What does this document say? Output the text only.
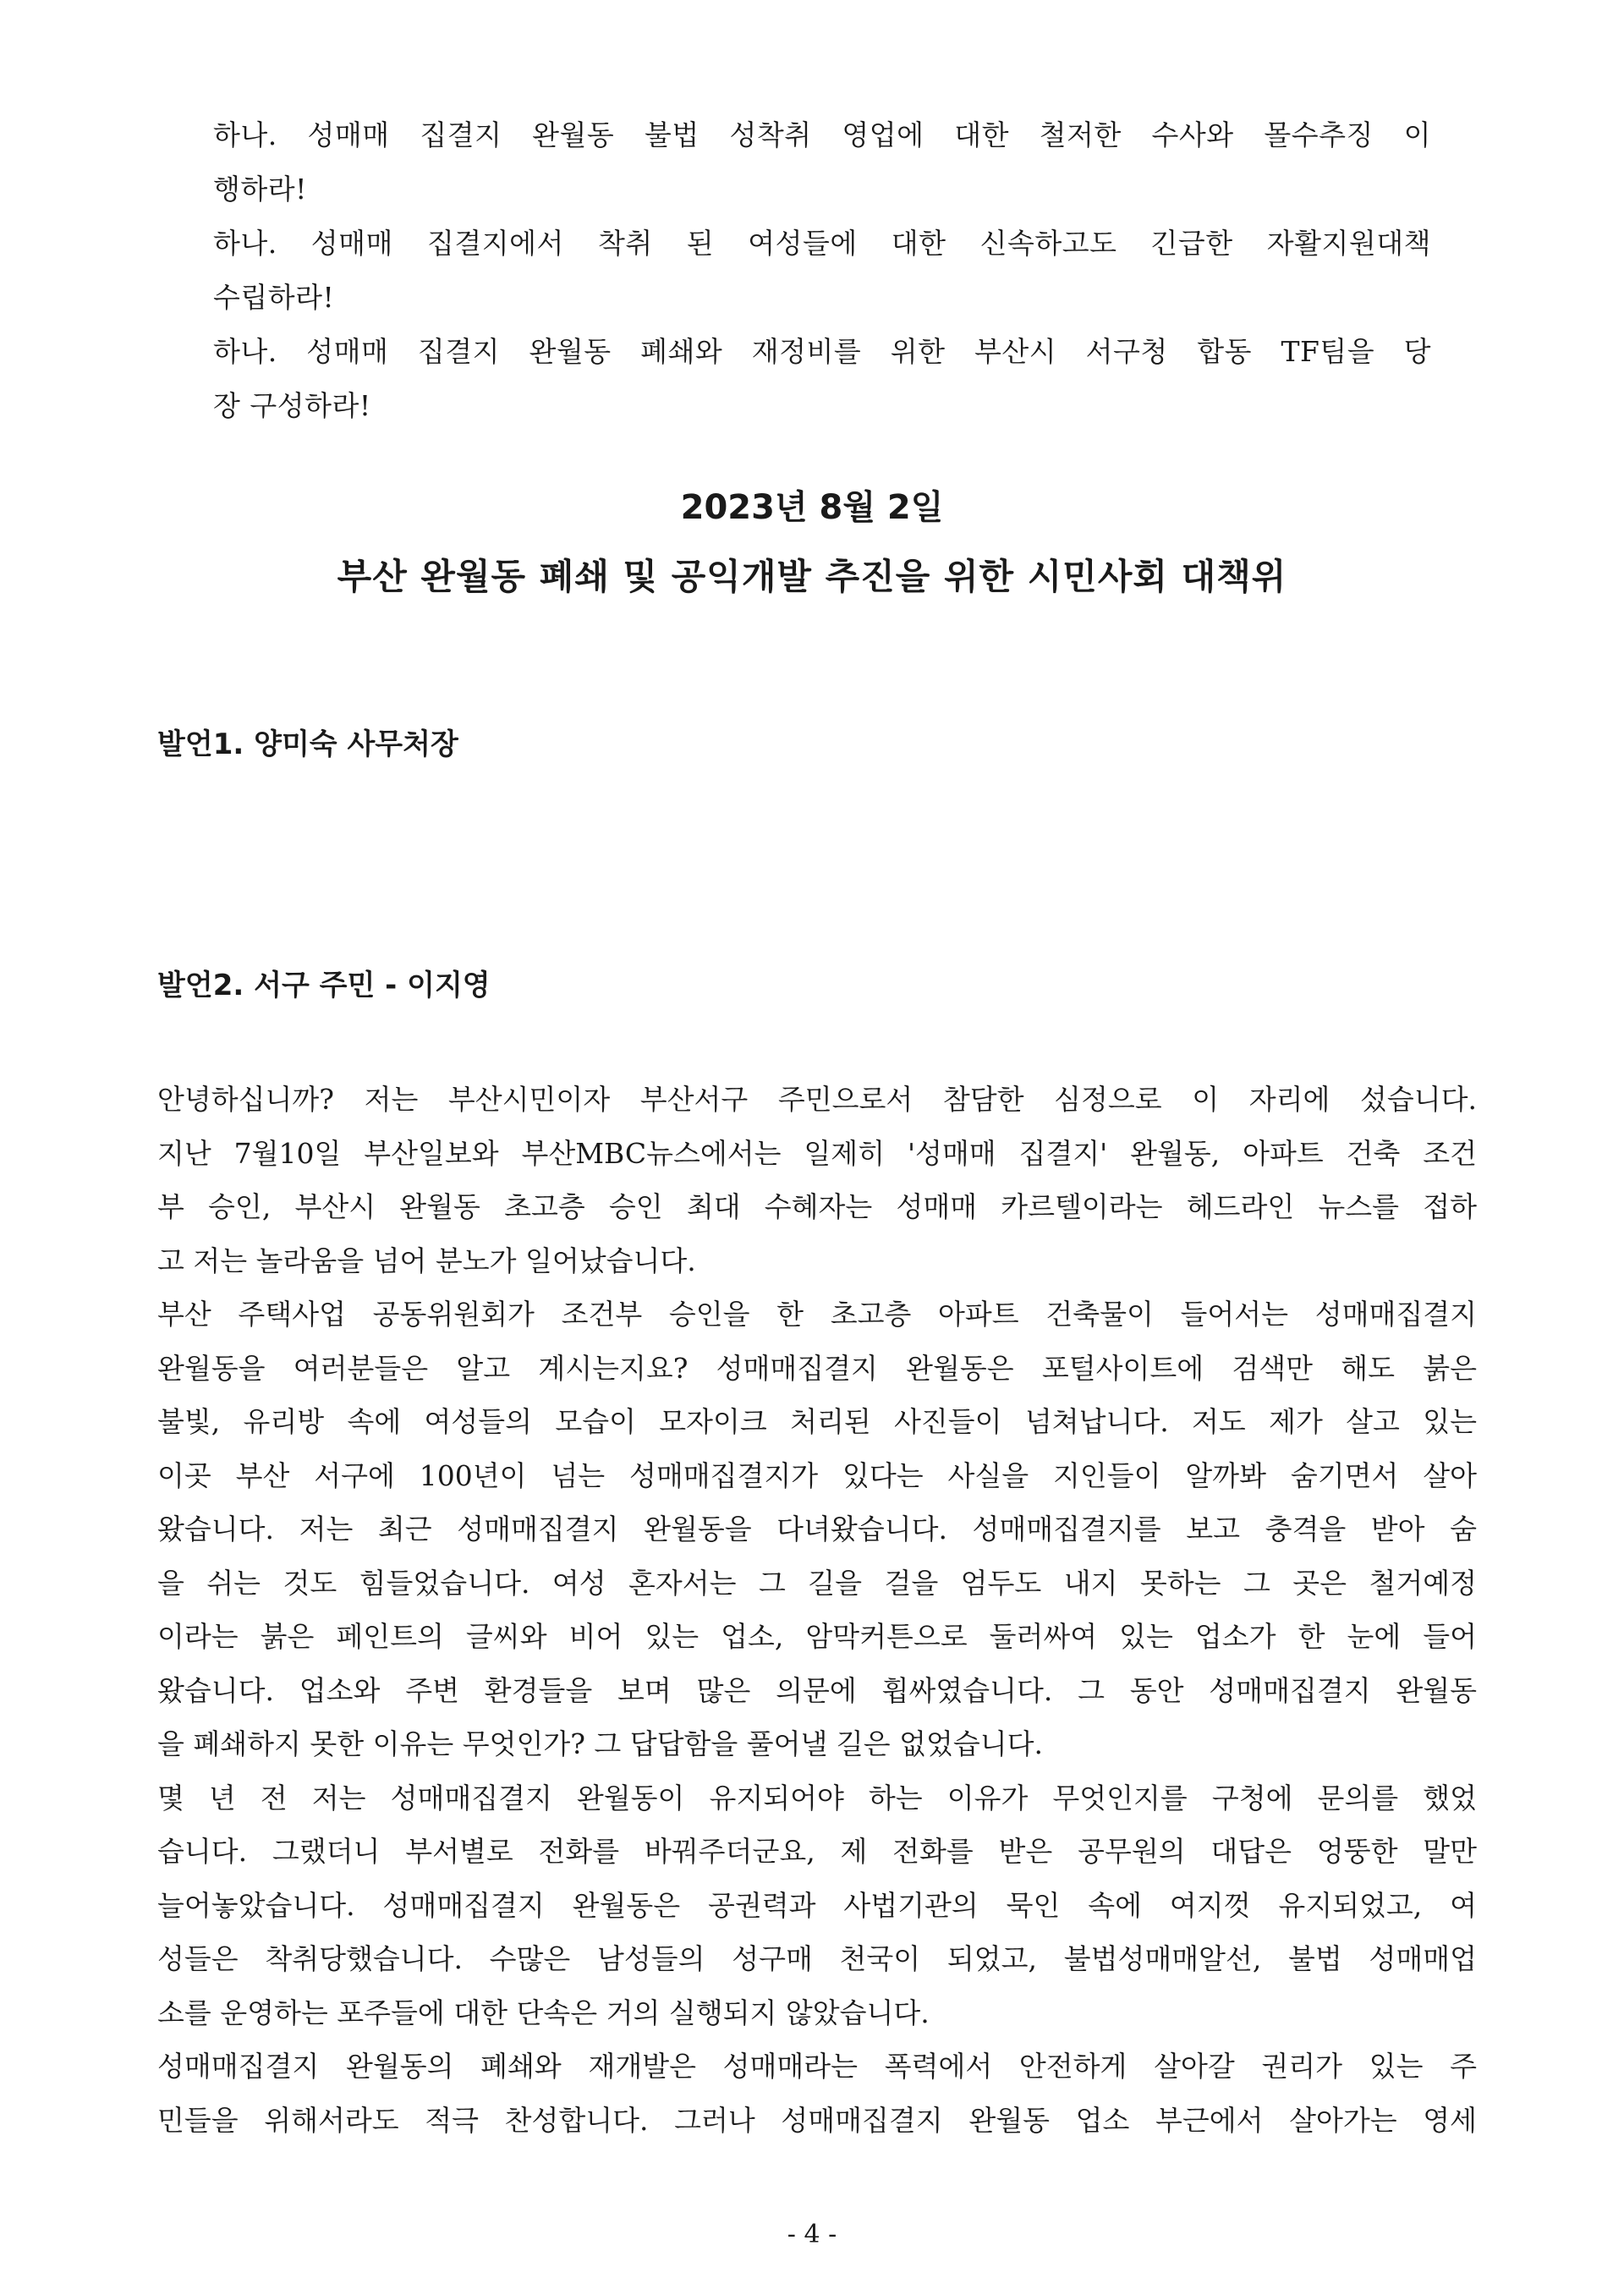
하나. 성매매 집결지 완월동 불법 성착취 영업에 대한 철저한 수사와 몰수추징 이
행하라!
하나. 성매매 집결지에서 착취 된 여성들에 대한 신속하고도 긴급한 자활지원대책
수립하라!
하나. 성매매 집결지 완월동 폐쇄와 재정비를 위한 부산시 서구청 합동 TF팀을 당
장 구성하라!
2023년 8월 2일
부산 완월동 폐쇄 및 공익개발 추진을 위한 시민사회 대책위
발언1. 양미숙 사무처장
발언2. 서구 주민 - 이지영
안녕하십니까? 저는 부산시민이자 부산서구 주민으로서 참담한 심정으로 이 자리에 섰습니다.
지난 7월10일 부산일보와 부산MBC뉴스에서는 일제히 '성매매 집결지' 완월동, 아파트 건축 조건
부 승인, 부산시 완월동 초고층 승인 최대 수혜자는 성매매 카르텔이라는 헤드라인 뉴스를 접하
고 저는 놀라움을 넘어 분노가 일어났습니다.
부산 주택사업 공동위원회가 조건부 승인을 한 초고층 아파트 건축물이 들어서는 성매매집결지
완월동을 여러분들은 알고 계시는지요? 성매매집결지 완월동은 포털사이트에 검색만 해도 붉은
불빛, 유리방 속에 여성들의 모습이 모자이크 처리된 사진들이 넘쳐납니다. 저도 제가 살고 있는
이곳 부산 서구에 100년이 넘는 성매매집결지가 있다는 사실을 지인들이 알까봐 숨기면서 살아
왔습니다. 저는 최근 성매매집결지 완월동을 다녀왔습니다. 성매매집결지를 보고 충격을 받아 숨
을 쉬는 것도 힘들었습니다. 여성 혼자서는 그 길을 걸을 엄두도 내지 못하는 그 곳은 철거예정
이라는 붉은 페인트의 글씨와 비어 있는 업소, 암막커튼으로 둘러싸여 있는 업소가 한 눈에 들어
왔습니다. 업소와 주변 환경들을 보며 많은 의문에 휩싸였습니다. 그 동안 성매매집결지 완월동
을 폐쇄하지 못한 이유는 무엇인가? 그 답답함을 풀어낼 길은 없었습니다.
몇 년 전 저는 성매매집결지 완월동이 유지되어야 하는 이유가 무엇인지를 구청에 문의를 했었
습니다. 그랬더니 부서별로 전화를 바꿔주더군요, 제 전화를 받은 공무원의 대답은 엉뚱한 말만
늘어놓았습니다. 성매매집결지 완월동은 공권력과 사법기관의 묵인 속에 여지껏 유지되었고, 여
성들은 착취당했습니다. 수많은 남성들의 성구매 천국이 되었고, 불법성매매알선, 불법 성매매업
소를 운영하는 포주들에 대한 단속은 거의 실행되지 않았습니다.
성매매집결지 완월동의 폐쇄와 재개발은 성매매라는 폭력에서 안전하게 살아갈 권리가 있는 주
민들을 위해서라도 적극 찬성합니다. 그러나 성매매집결지 완월동 업소 부근에서 살아가는 영세
- 4 -
